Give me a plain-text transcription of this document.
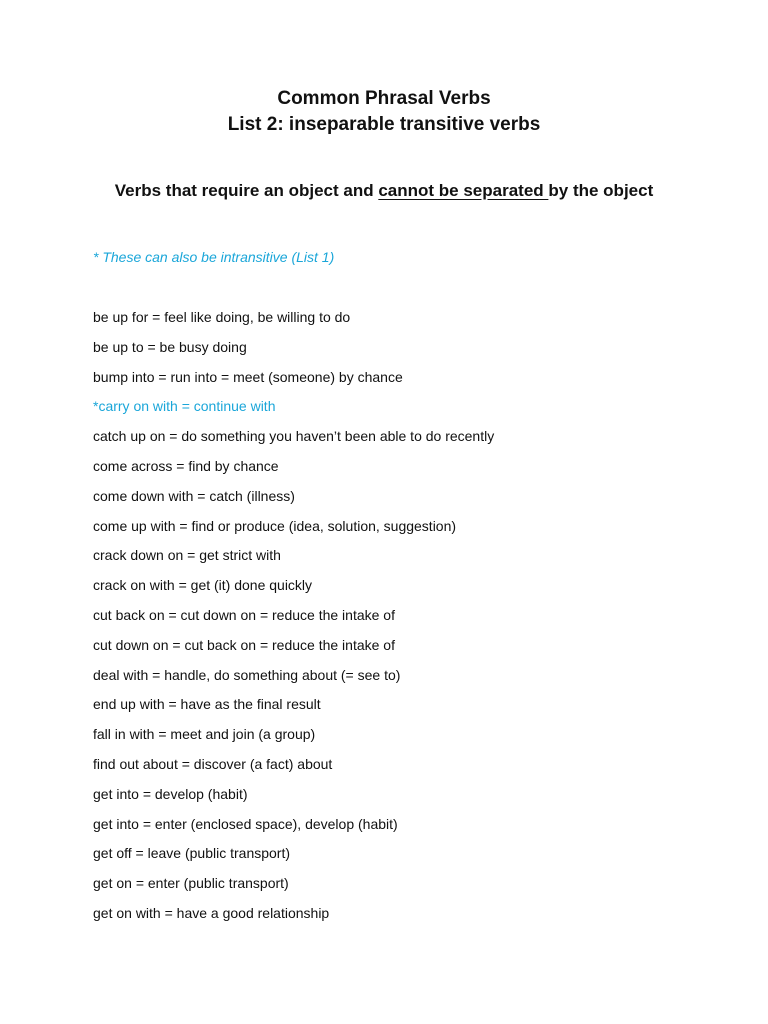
Common Phrasal Verbs
List 2: inseparable transitive verbs
Verbs that require an object and cannot be separated by the object
* These can also be intransitive (List 1)
be up for = feel like doing, be willing to do
be up to = be busy doing
bump into = run into = meet (someone) by chance
*carry on with = continue with
catch up on = do something you haven’t been able to do recently
come across = find by chance
come down with = catch (illness)
come up with = find or produce (idea, solution, suggestion)
crack down on = get strict with
crack on with = get (it) done quickly
cut back on = cut down on = reduce the intake of
cut down on = cut back on = reduce the intake of
deal with = handle, do something about (= see to)
end up with = have as the final result
fall in with = meet and join (a group)
find out about = discover (a fact) about
get into = develop (habit)
get into = enter (enclosed space), develop (habit)
get off = leave (public transport)
get on = enter (public transport)
get on with = have a good relationship
